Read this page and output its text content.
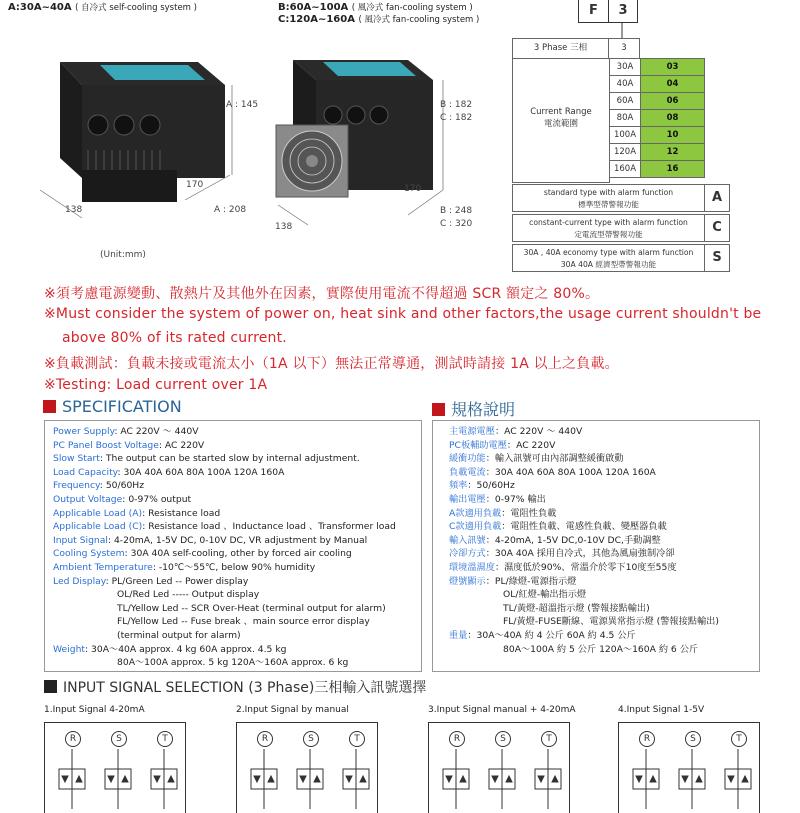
A:30A~40A ( 自冷式 self-cooling system )	B:60A~100A ( 風冷式 fan-cooling system )
C:120A~160A ( 風冷式 fan-cooling system )
A : 145
170
138	A : 208
(Unit:mm)
B : 182
C : 182
170
138
B : 248
C : 320
F	3
3 Phase 三相	3
Current Range
電流範圍
30A	03
40A	04
60A	06
80A	08
100A	10
120A	12
160A	16
standard type with alarm function
標準型帶警報功能	A
constant-current type with alarm function
定電流型帶警報功能	C
30A , 40A economy type with alarm function
30A 40A 經濟型帶警報功能	S
※須考慮電源變動、散熱片及其他外在因素，實際使用電流不得超過 SCR 額定之 80%。
※Must consider the system of power on, heat sink and other factors,the usage current shouldn't be
above 80% of its rated current.
※負載測試：負載未接或電流太小（1A 以下）無法正常導通，測試時請接 1A 以上之負載。
※Testing: Load current over 1A
SPECIFICATION	規格說明
Power Supply: AC 220V ～ 440V
PC Panel Boost Voltage: AC 220V
Slow Start: The output can be started slow by internal adjustment.
Load Capacity: 30A 40A 60A 80A 100A 120A 160A
Frequency: 50/60Hz
Output Voltage: 0-97% output
Applicable Load (A): Resistance load
Applicable Load (C): Resistance load 、Inductance load 、Transformer load
Input Signal: 4-20mA, 1-5V DC, 0-10V DC, VR adjustment by Manual
Cooling System: 30A 40A self-cooling, other by forced air cooling
Ambient Temperature: -10℃～55℃, below 90% humidity
Led Display: PL/Green Led -- Power display
OL/Red Led ----- Output display
TL/Yellow Led -- SCR Over-Heat (terminal output for alarm)
FL/Yellow Led -- Fuse break 、main source error display
(terminal output for alarm)
Weight: 30A～40A approx. 4 kg 60A approx. 4.5 kg
80A～100A approx. 5 kg 120A～160A approx. 6 kg
主電源電壓：AC 220V ～ 440V
PC板輔助電壓：AC 220V
緩衝功能：輸入訊號可由內部調整緩衝啟動
負載電流：30A 40A 60A 80A 100A 120A 160A
頻率：50/60Hz
輸出電壓：0-97% 輸出
A款適用負載：電阻性負載
C款適用負載：電阻性負載、電感性負載、變壓器負載
輸入訊號：4-20mA, 1-5V DC,0-10V DC,手動調整
冷卻方式：30A 40A 採用自冷式，其他為風扇強制冷卻
環境溫濕度：濕度低於90%、常溫介於零下10度至55度
燈號顯示：PL/綠燈-電源指示燈
OL/紅燈-輸出指示燈
TL/黃燈-超溫指示燈 (警報接點輸出)
FL/黃燈-FUSE斷線、電源異常指示燈 (警報接點輸出)
重量：30A～40A 約 4 公斤 60A 約 4.5 公斤
80A～100A 約 5 公斤 120A～160A 約 6 公斤
INPUT SIGNAL SELECTION (3 Phase)三相輸入訊號選擇
1.Input Signal 4-20mA
R	S	T
2.Input Signal by manual
R	S	T
3.Input Signal manual + 4-20mA
R	S	T
4.Input Signal 1-5V
R	S	T
